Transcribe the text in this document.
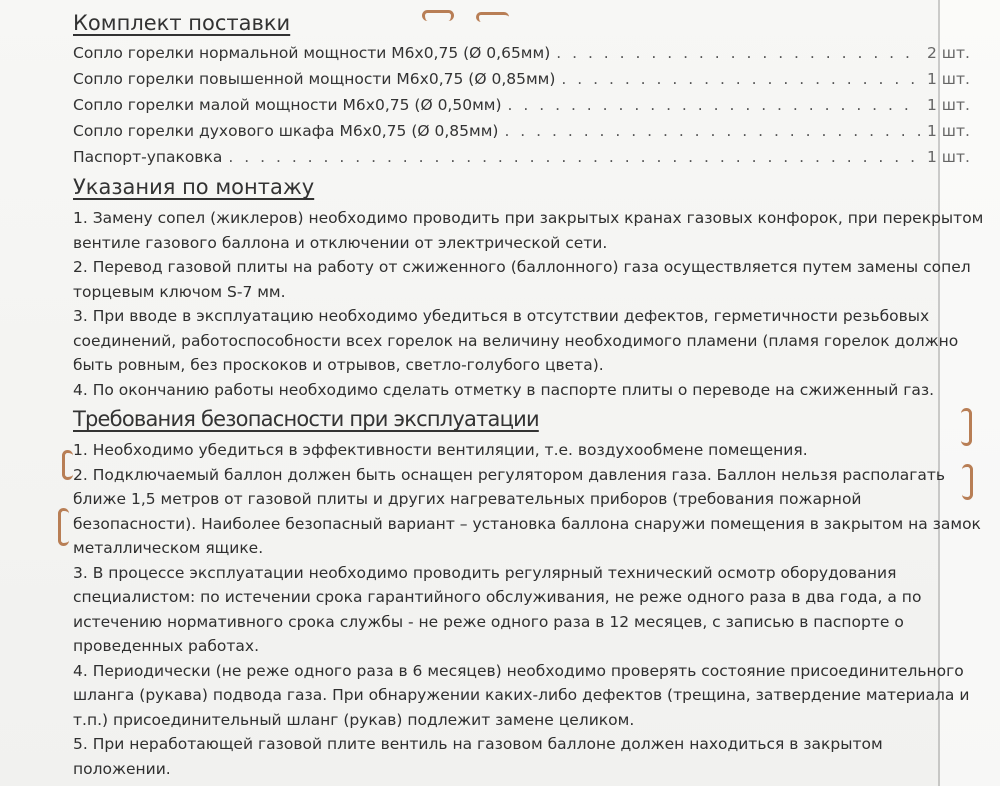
Комплект поставки
Сопло горелки нормальной мощности М6х0,75 (Ø 0,65мм) . . .	2 шт.
Сопло горелки повышенной мощности М6х0,75 (Ø 0,85мм) . . .	1 шт.
Сопло горелки малой мощности М6х0,75 (Ø 0,50мм) . . .	1 шт.
Сопло горелки духового шкафа М6х0,75 (Ø 0,85мм) . . .	1 шт.
Паспорт-упаковка . . .	1 шт.
Указания по монтажу

1. Замену сопел (жиклеров) необходимо проводить при закрытых кранах газовых конфорок, при перекрытом вентиле газового баллона и отключении от электрической сети.

2. Перевод газовой плиты на работу от сжиженного (баллонного) газа осуществляется путем замены сопел торцевым ключом S-7 мм.

3. При вводе в эксплуатацию необходимо убедиться в отсутствии дефектов, герметичности резьбовых соединений, работоспособности всех горелок на величину необходимого пламени (пламя горелок должно быть ровным, без проскоков и отрывов, светло-голубого цвета).

4. По окончанию работы необходимо сделать отметку в паспорте плиты о переводе на сжиженный газ.

Требования безопасности при эксплуатации

1. Необходимо убедиться в эффективности вентиляции, т.е. воздухообмене помещения.

2. Подключаемый баллон должен быть оснащен регулятором давления газа. Баллон нельзя располагать ближе 1,5 метров от газовой плиты и других нагревательных приборов (требования пожарной безопасности). Наиболее безопасный вариант – установка баллона снаружи помещения в закрытом на замок металлическом ящике.

3. В процессе эксплуатации необходимо проводить регулярный технический осмотр оборудования специалистом: по истечении срока гарантийного обслуживания, не реже одного раза в два года, а по истечению нормативного срока службы - не реже одного раза в 12 месяцев, с записью в паспорте о проведенных работах.

4. Периодически (не реже одного раза в 6 месяцев) необходимо проверять состояние присоединительного шланга (рукава) подвода газа. При обнаружении каких-либо дефектов (трещина, затвердение материала и т.п.) присоединительный шланг (рукав) подлежит замене целиком.

5. При неработающей газовой плите вентиль на газовом баллоне должен находиться в закрытом положении.
